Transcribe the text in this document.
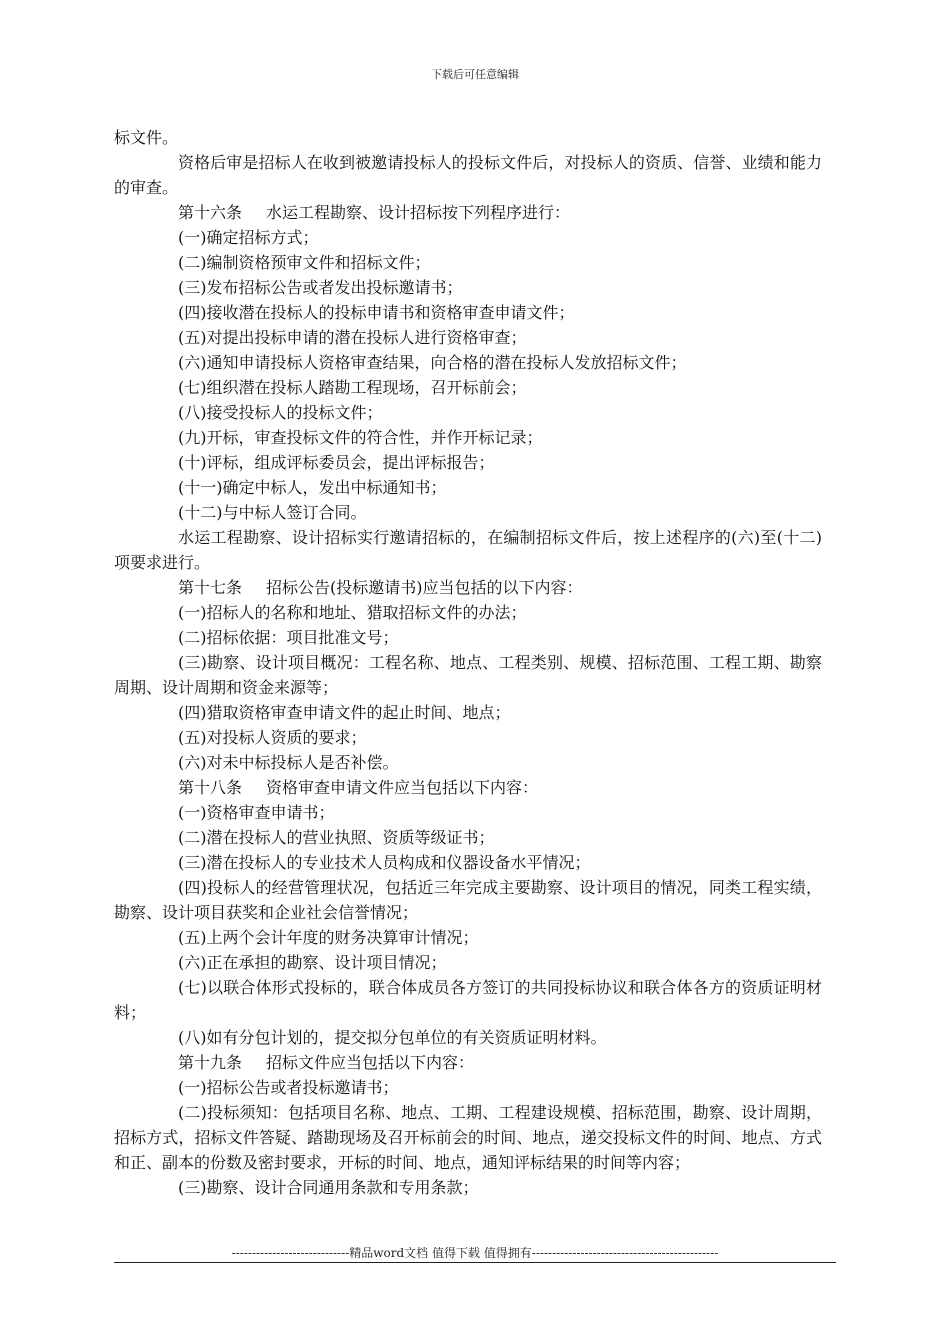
下载后可任意编辑

标文件。

资格后审是招标人在收到被邀请投标人的投标文件后，对投标人的资质、信誉、业绩和能力的审查。

第十六条 水运工程勘察、设计招标按下列程序进行：

(一)确定招标方式；

(二)编制资格预审文件和招标文件；

(三)发布招标公告或者发出投标邀请书；

(四)接收潜在投标人的投标申请书和资格审查申请文件；

(五)对提出投标申请的潜在投标人进行资格审查；

(六)通知申请投标人资格审查结果，向合格的潜在投标人发放招标文件；

(七)组织潜在投标人踏勘工程现场，召开标前会；

(八)接受投标人的投标文件；

(九)开标，审查投标文件的符合性，并作开标记录；

(十)评标，组成评标委员会，提出评标报告；

(十一)确定中标人，发出中标通知书；

(十二)与中标人签订合同。

水运工程勘察、设计招标实行邀请招标的，在编制招标文件后，按上述程序的(六)至(十二)项要求进行。

第十七条 招标公告(投标邀请书)应当包括的以下内容：

(一)招标人的名称和地址、猎取招标文件的办法；

(二)招标依据：项目批准文号；

(三)勘察、设计项目概况：工程名称、地点、工程类别、规模、招标范围、工程工期、勘察周期、设计周期和资金来源等；

(四)猎取资格审查申请文件的起止时间、地点；

(五)对投标人资质的要求；

(六)对未中标投标人是否补偿。

第十八条 资格审查申请文件应当包括以下内容：

(一)资格审查申请书；

(二)潜在投标人的营业执照、资质等级证书；

(三)潜在投标人的专业技术人员构成和仪器设备水平情况；

(四)投标人的经营管理状况，包括近三年完成主要勘察、设计项目的情况，同类工程实绩，勘察、设计项目获奖和企业社会信誉情况；

(五)上两个会计年度的财务决算审计情况；

(六)正在承担的勘察、设计项目情况；

(七)以联合体形式投标的，联合体成员各方签订的共同投标协议和联合体各方的资质证明材料；

(八)如有分包计划的，提交拟分包单位的有关资质证明材料。

第十九条 招标文件应当包括以下内容：

(一)招标公告或者投标邀请书；

(二)投标须知：包括项目名称、地点、工期、工程建设规模、招标范围，勘察、设计周期，招标方式，招标文件答疑、踏勘现场及召开标前会的时间、地点，递交投标文件的时间、地点、方式和正、副本的份数及密封要求，开标的时间、地点，通知评标结果的时间等内容；

(三)勘察、设计合同通用条款和专用条款；

-----------------------------精品word文档 值得下载 值得拥有----------------------------------------------
